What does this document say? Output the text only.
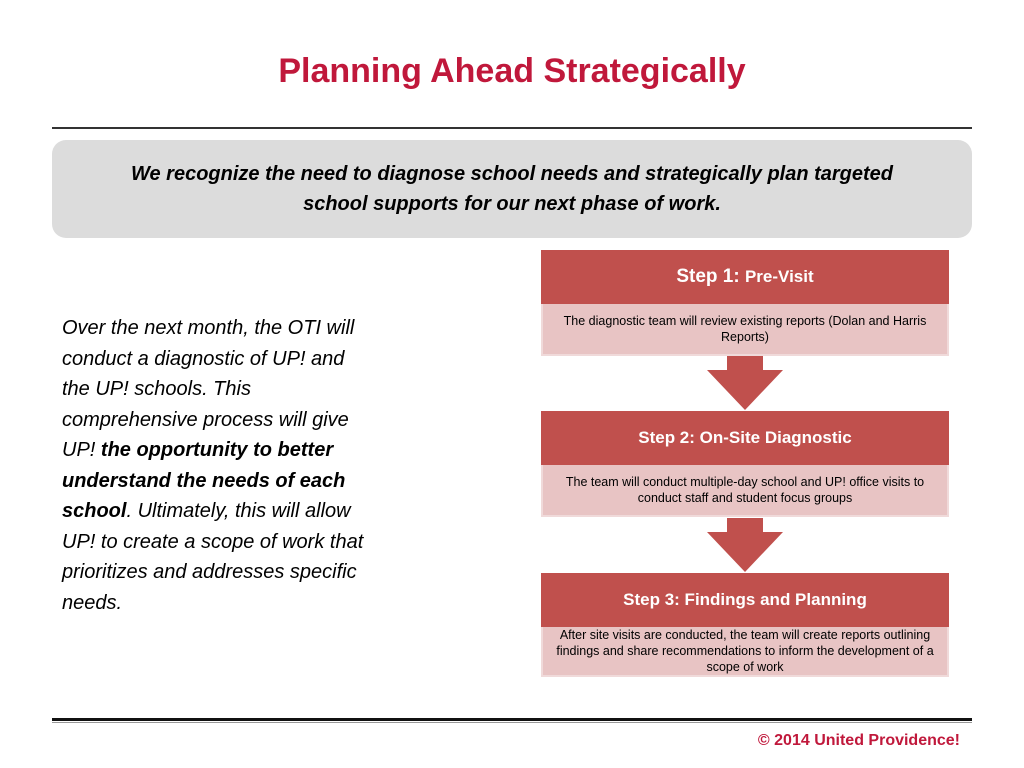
Planning Ahead Strategically
We recognize the need to diagnose school needs and strategically plan targeted school supports for our next phase of work.
Over the next month, the OTI will conduct a diagnostic of UP! and the UP! schools. This comprehensive process will give UP! the opportunity to better understand the needs of each school. Ultimately, this will allow UP! to create a scope of work that prioritizes and addresses specific needs.
Step 1: Pre-Visit
The diagnostic team will review existing reports (Dolan and Harris Reports)
Step 2: On-Site Diagnostic
The team will conduct multiple-day school and UP! office visits to conduct staff and student focus groups
Step 3: Findings and Planning
After site visits are conducted, the team will create reports outlining findings and share recommendations to inform the development of a scope of work
© 2014 United Providence!
